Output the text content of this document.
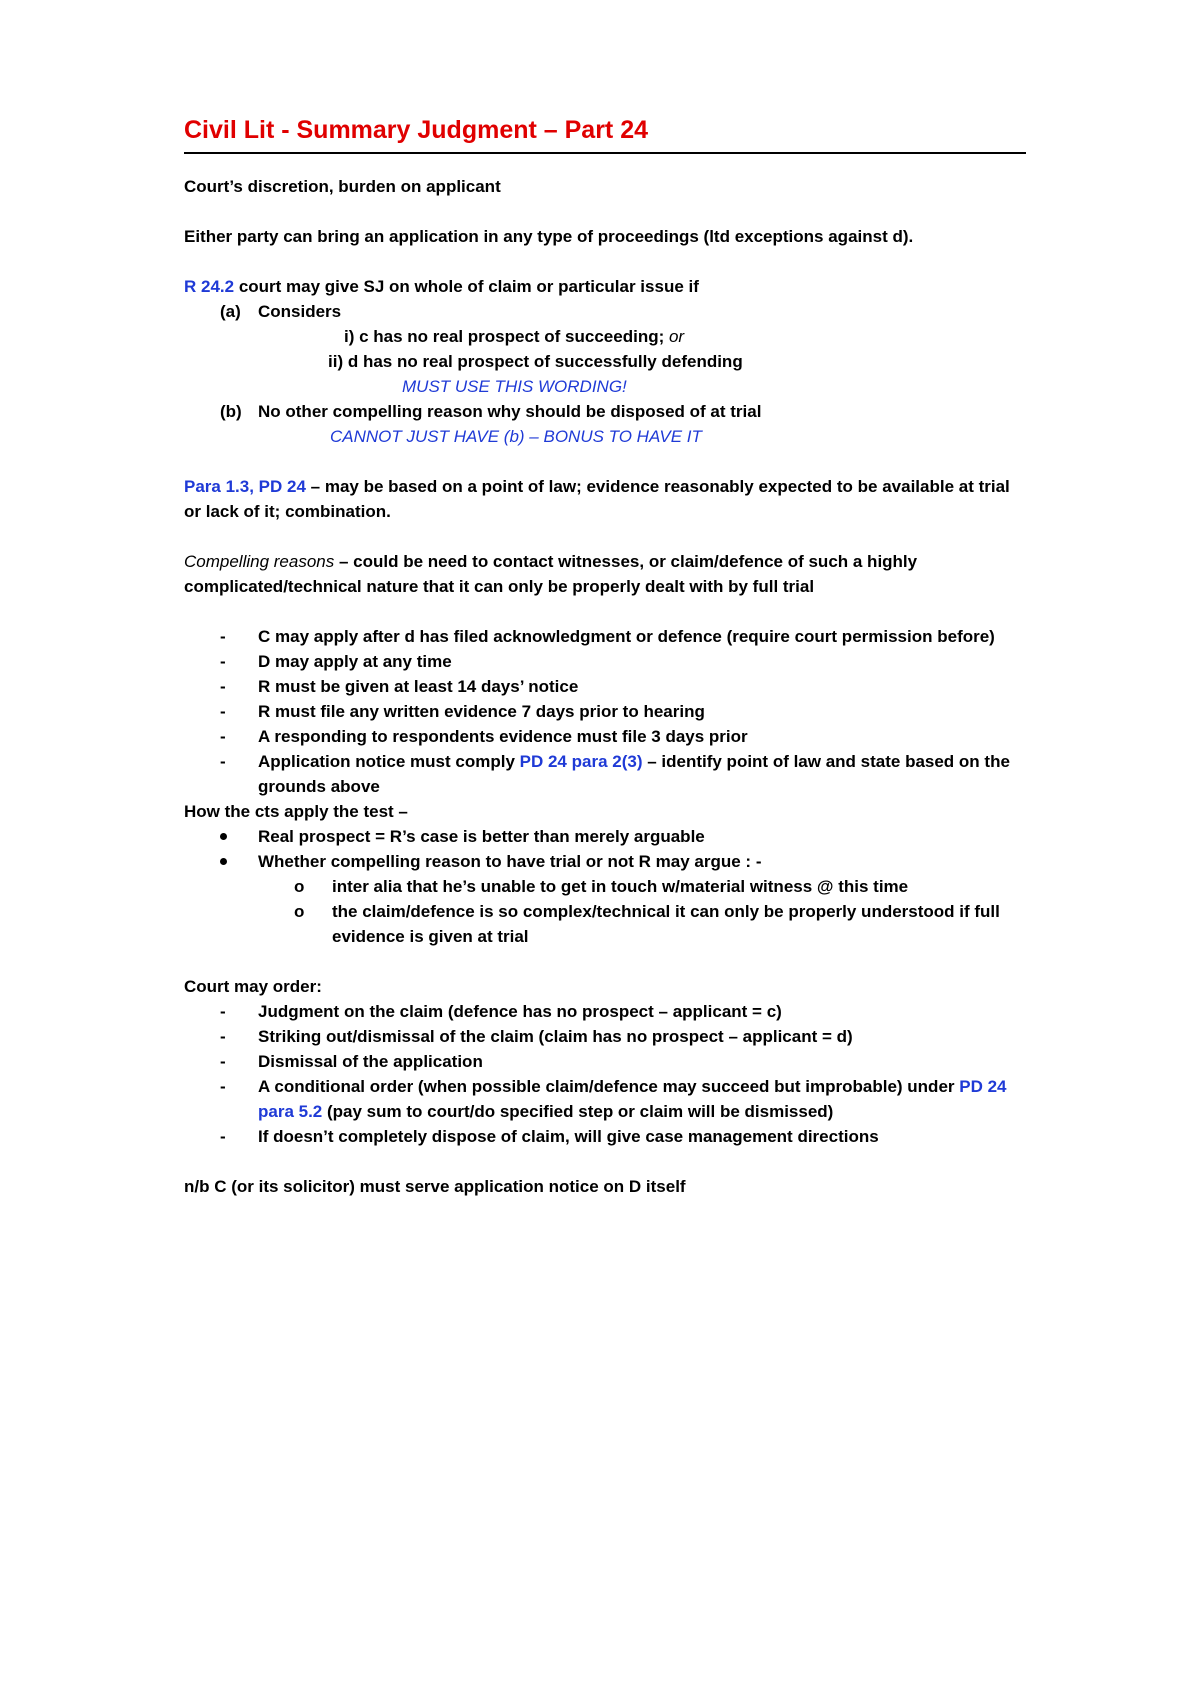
Civil Lit - Summary Judgment – Part 24

Court’s discretion, burden on applicant

Either party can bring an application in any type of proceedings (ltd exceptions against d).

R 24.2 court may give SJ on whole of claim or particular issue if

(a) Considers

i) c has no real prospect of succeeding; or

ii) d has no real prospect of successfully defending

MUST USE THIS WORDING!

(b) No other compelling reason why should be disposed of at trial

CANNOT JUST HAVE (b) – BONUS TO HAVE IT

Para 1.3, PD 24 – may be based on a point of law; evidence reasonably expected to be available at trial or lack of it; combination.

Compelling reasons – could be need to contact witnesses, or claim/defence of such a highly complicated/technical nature that it can only be properly dealt with by full trial

- C may apply after d has filed acknowledgment or defence (require court permission before)
- D may apply at any time
- R must be given at least 14 days’ notice
- R must file any written evidence 7 days prior to hearing
- A responding to respondents evidence must file 3 days prior
- Application notice must comply PD 24 para 2(3) – identify point of law and state based on the grounds above

How the cts apply the test –

Real prospect = R’s case is better than merely arguable
Whether compelling reason to have trial or not R may argue : -
o inter alia that he’s unable to get in touch w/material witness @ this time
o the claim/defence is so complex/technical it can only be properly understood if full evidence is given at trial

Court may order:

- Judgment on the claim (defence has no prospect – applicant = c)
- Striking out/dismissal of the claim (claim has no prospect – applicant = d)
- Dismissal of the application
- A conditional order (when possible claim/defence may succeed but improbable) under PD 24 para 5.2 (pay sum to court/do specified step or claim will be dismissed)
- If doesn’t completely dispose of claim, will give case management directions

n/b C (or its solicitor) must serve application notice on D itself
